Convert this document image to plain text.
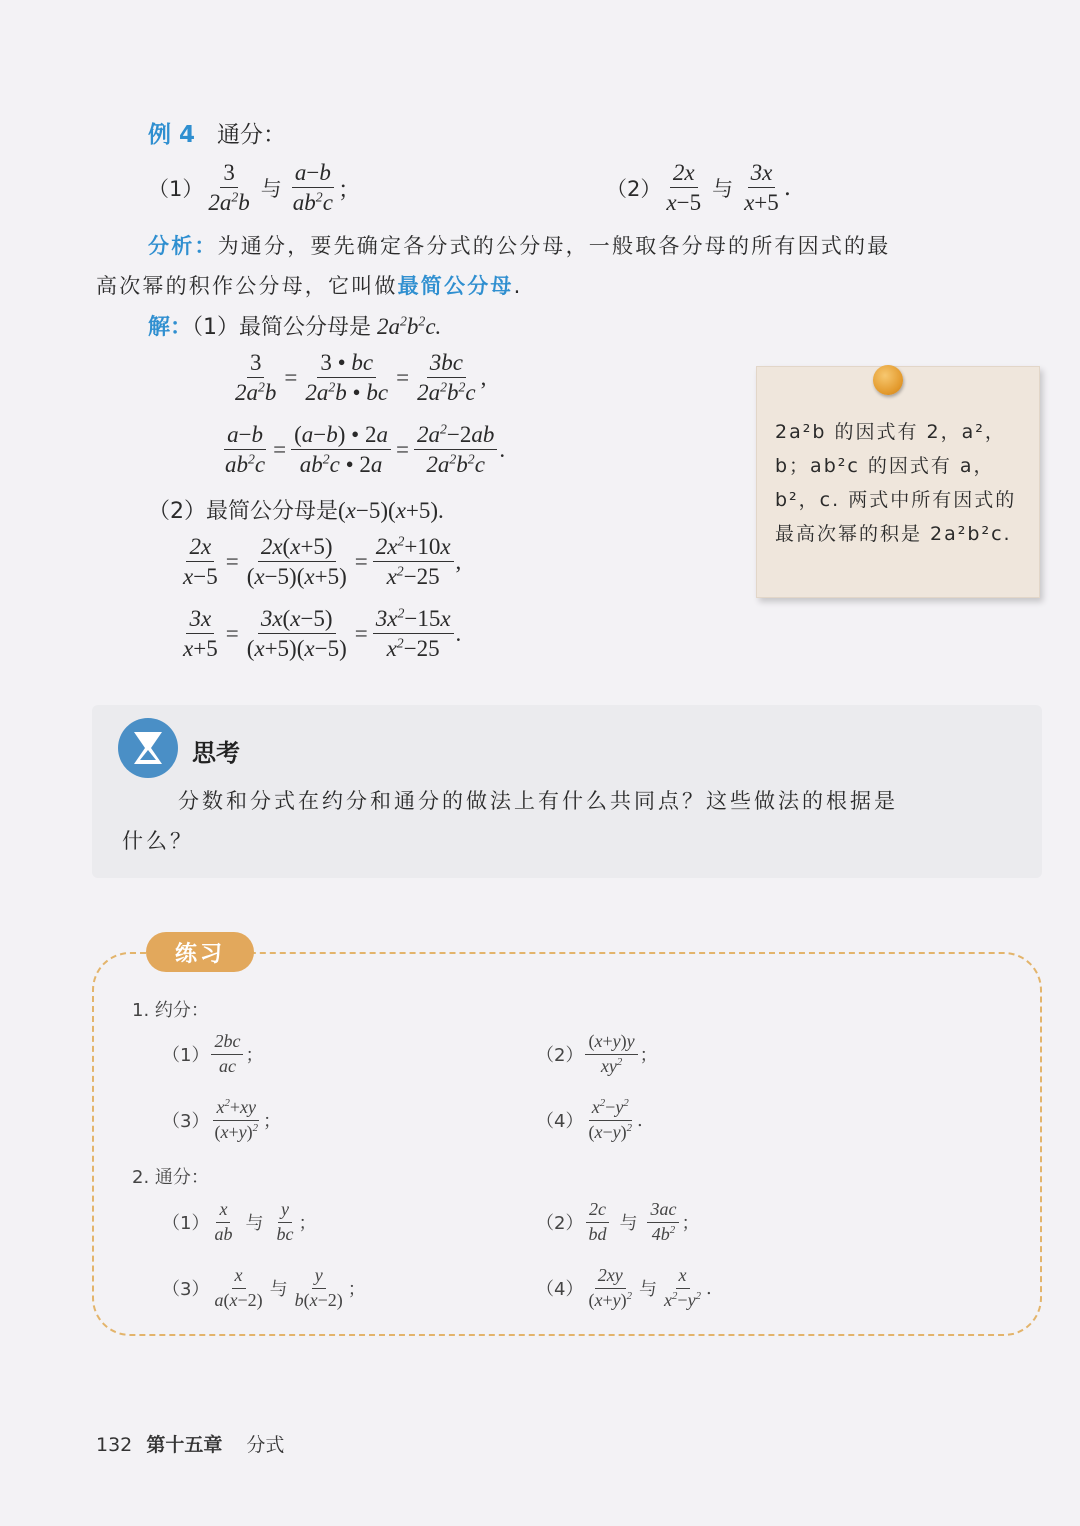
例 4 通分：
$(1) \frac{3}{2a^2b}$ 与 $\frac{a-b}{ab^2c}$ ；	$(2) \frac{2x}{x-5}$ 与 $\frac{3x}{x+5}$ .
分析：为通分，要先确定各分式的公分母，一般取各分母的所有因式的最
高次幂的积作公分母，它叫做最简公分母.
解：（1）最简公分母是 $2a^2b^2c$.
$\frac{3}{2a^2b} = \frac{3 • bc}{2a^2b • bc} = \frac{3bc}{2a^2b^2c}$ ,
$\frac{a-b}{ab^2c} = \frac{(a-b) • 2a}{ab^2c • 2a} = \frac{2a^2-2ab}{2a^2b^2c}$ .
（2）最简公分母是(x−5)(x+5).
$\frac{2x}{x-5} = \frac{2x(x+5)}{(x-5)(x+5)} = \frac{2x^2+10x}{x^2-25}$ ,
$\frac{3x}{x+5} = \frac{3x(x-5)}{(x+5)(x-5)} = \frac{3x^2-15x}{x^2-25}$ .
2a²b 的因式有 2，a²，b；ab²c 的因式有 a，b²，c. 两式中所有因式的最高次幂的积是 2a²b²c.
思考
分数和分式在约分和通分的做法上有什么共同点？这些做法的根据是
什么？
练习
1. 约分：
$(1) \frac{2bc}{ac}$ ；	$(2) \frac{(x+y)y}{xy^2}$ ；
$(3) \frac{x^2+xy}{(x+y)^2}$ ；	$(4) \frac{x^2-y^2}{(x-y)^2}$ .
2. 通分：
$(1) \frac{x}{ab}$ 与 $\frac{y}{bc}$ ；	$(2) \frac{2c}{bd}$ 与 $\frac{3ac}{4b^2}$ ；
$(3) \frac{x}{a(x-2)}$ 与 $\frac{y}{b(x-2)}$ ；	$(4) \frac{2xy}{(x+y)^2}$ 与 $\frac{x}{x^2-y^2}$ .
132 第十五章 分式
